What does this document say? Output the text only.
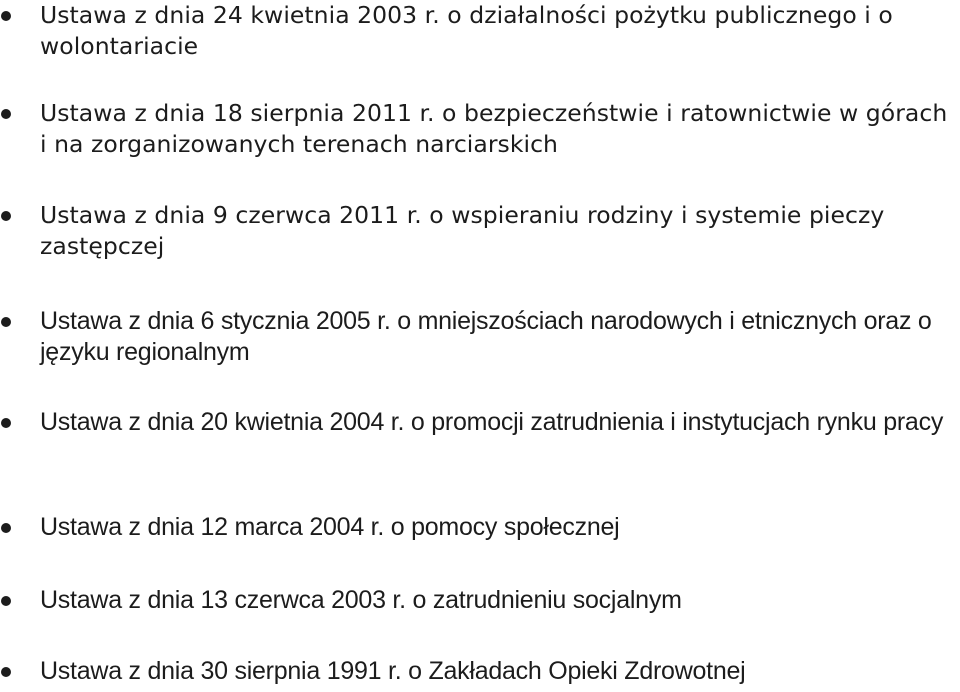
Ustawa z dnia 24 kwietnia 2003 r. o działalności pożytku publicznego i o wolontariacie
Ustawa z dnia 18 sierpnia 2011 r. o bezpieczeństwie i ratownictwie w górach i na zorganizowanych terenach narciarskich
Ustawa z dnia 9 czerwca 2011 r. o wspieraniu rodziny i systemie pieczy zastępczej
Ustawa z dnia 6 stycznia 2005 r. o mniejszościach narodowych i etnicznych oraz o języku regionalnym
Ustawa z dnia 20 kwietnia 2004 r. o promocji zatrudnienia i instytucjach rynku pracy
Ustawa z dnia 12 marca 2004 r. o pomocy społecznej
Ustawa z dnia 13 czerwca 2003 r. o zatrudnieniu socjalnym
Ustawa z dnia 30 sierpnia 1991 r. o Zakładach Opieki Zdrowotnej
